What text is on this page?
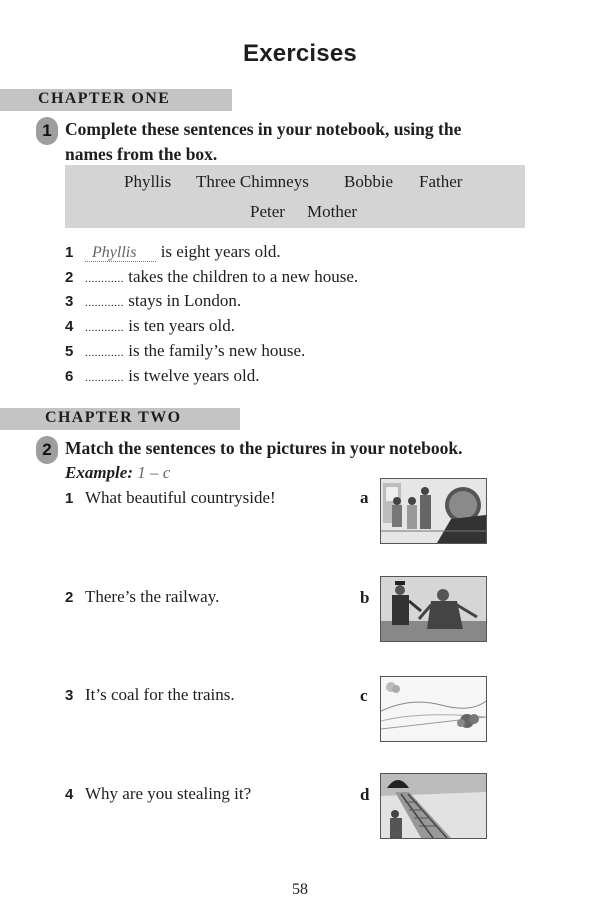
Exercises
CHAPTER ONE
1 Complete these sentences in your notebook, using the
names from the box.
Phyllis Three Chimneys Bobbie Father
Peter Mother
1	Phyllis is eight years old.
2 ............ takes the children to a new house.
3 ............ stays in London.
4 ............ is ten years old.
5 ............ is the family’s new house.
6 ............ is twelve years old.
CHAPTER TWO
2 Match the sentences to the pictures in your notebook.
Example: 1 – c
1 What beautiful countryside!	a
2 There’s the railway.	b
3 It’s coal for the trains.	c
4 Why are you stealing it?	d
58
